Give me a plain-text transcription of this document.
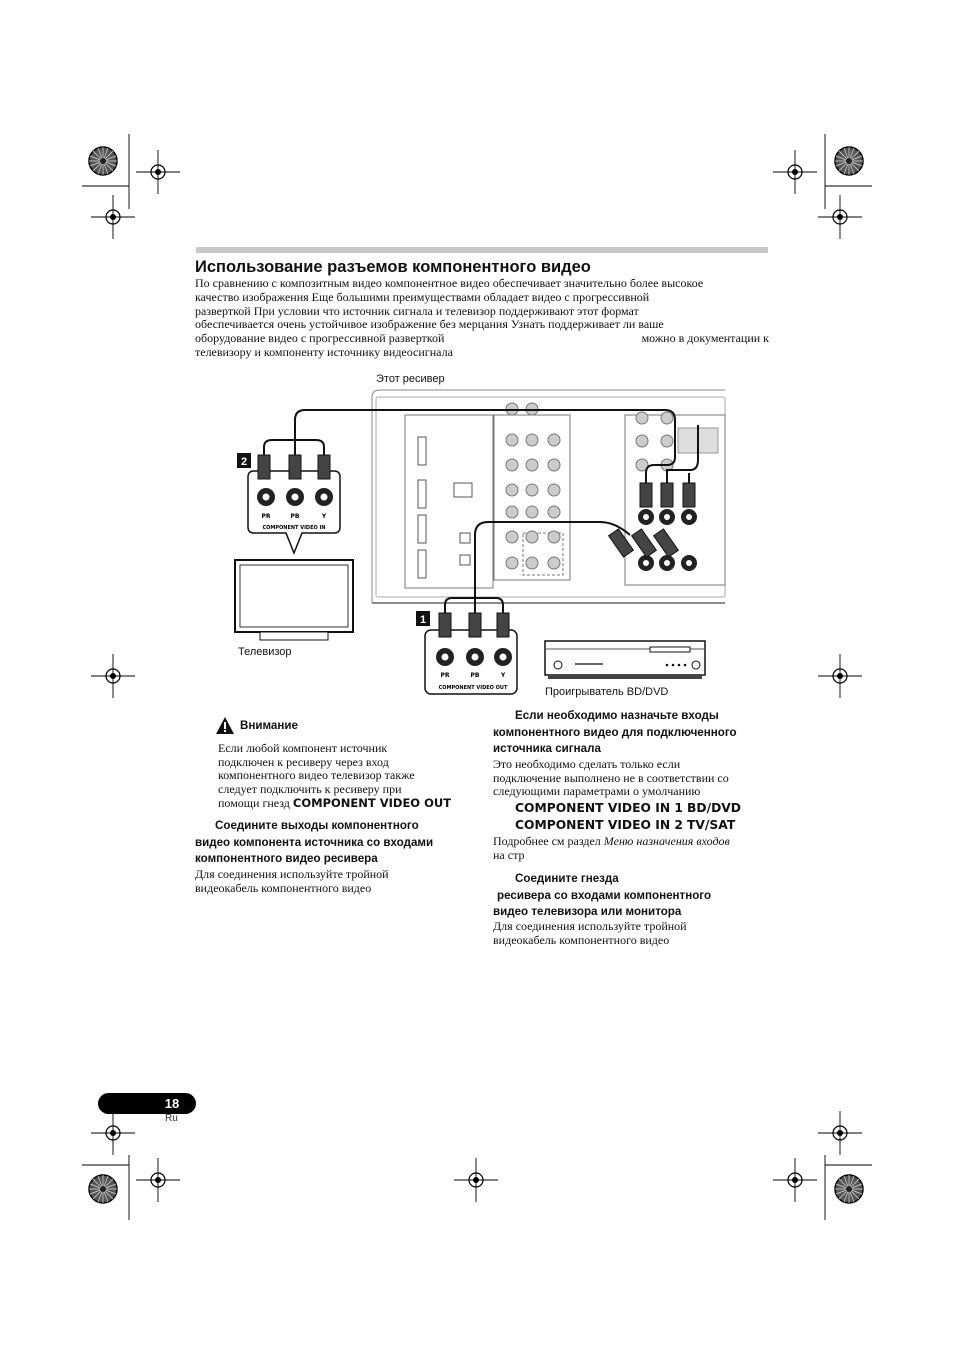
Использование разъемов компонентного видео

По сравнению с композитным видео компонентное видео обеспечивает значительно более высокое

качество изображения Еще большими преимуществами обладает видео с прогрессивной

разверткой При условии что источник сигнала и телевизор поддерживают этот формат

обеспечивается очень устойчивое изображение без мерцания Узнать поддерживает ли ваше

оборудование видео с прогрессивной разверткой	можно в документации к

телевизору и компоненту источнику видеосигнала

Этот ресивер
Телевизор
Проигрыватель BD/DVD
2
1
PR	PB	Y
COMPONENT VIDEO IN
PR	PB	Y
COMPONENT VIDEO OUT
Внимание

Если любой компонент источник

подключен к ресиверу через вход

компонентного видео телевизор также

следует подключить к ресиверу при

помощи гнезд COMPONENT VIDEO OUT

Соедините выходы компонентного

видео компонента источника со входами

компонентного видео ресивера

Для соединения используйте тройной

видеокабель компонентного видео

Если необходимо назначьте входы

компонентного видео для подключенного

источника сигнала

Это необходимо сделать только если

подключение выполнено не в соответствии со

следующими параметрами о умолчанию

COMPONENT VIDEO IN 1 BD/DVD
COMPONENT VIDEO IN 2 TV/SAT

Подробнее см раздел Меню назначения входов

на стр

Соедините гнезда

ресивера со входами компонентного

видео телевизора или монитора

Для соединения используйте тройной

видеокабель компонентного видео

18
Ru
